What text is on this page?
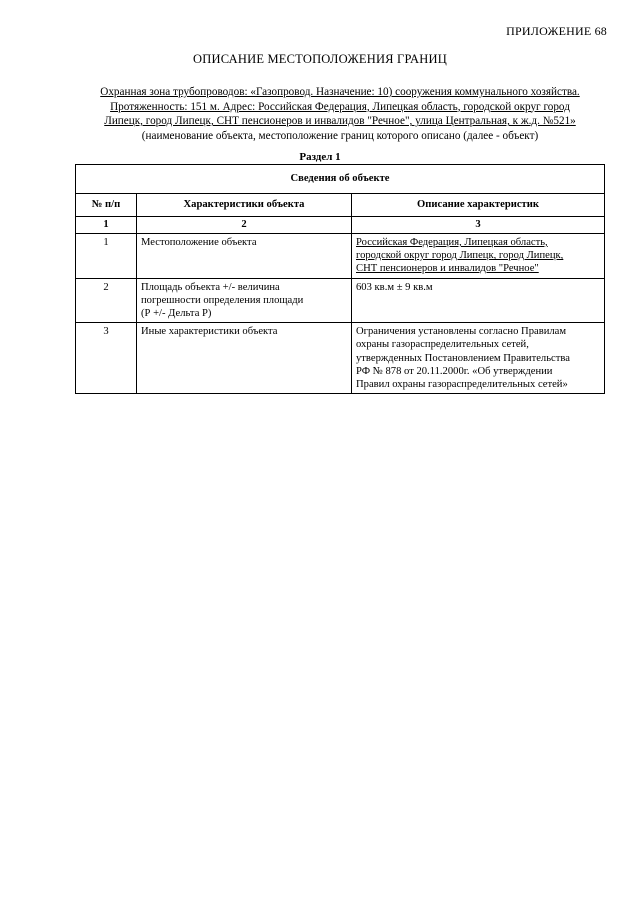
ПРИЛОЖЕНИЕ 68
ОПИСАНИЕ МЕСТОПОЛОЖЕНИЯ ГРАНИЦ
Охранная зона трубопроводов: «Газопровод. Назначение: 10) сооружения коммунального хозяйства.
Протяженность: 151 м. Адрес: Российская Федерация, Липецкая область, городской округ город
Липецк, город Липецк, СНТ пенсионеров и инвалидов "Речное", улица Центральная, к ж.д. №521»
(наименование объекта, местоположение границ которого описано (далее - объект)
Раздел 1
Сведения об объекте		
№ п/п	Характеристики объекта	Описание характеристик
1	2	3
1	Местоположение объекта	Российская Федерация, Липецкая область,
городской округ город Липецк, город Липецк,
СНТ пенсионеров и инвалидов "Речное"

2	Площадь объекта +/- величина
погрешности определения площади
(Р +/- Дельта Р)	603 кв.м ± 9 кв.м
3	Иные характеристики объекта	Ограничения установлены согласно Правилам
охраны газораспределительных сетей,
утвержденных Постановлением Правительства
РФ № 878 от 20.11.2000г. «Об утверждении
Правил охраны газораспределительных сетей»
